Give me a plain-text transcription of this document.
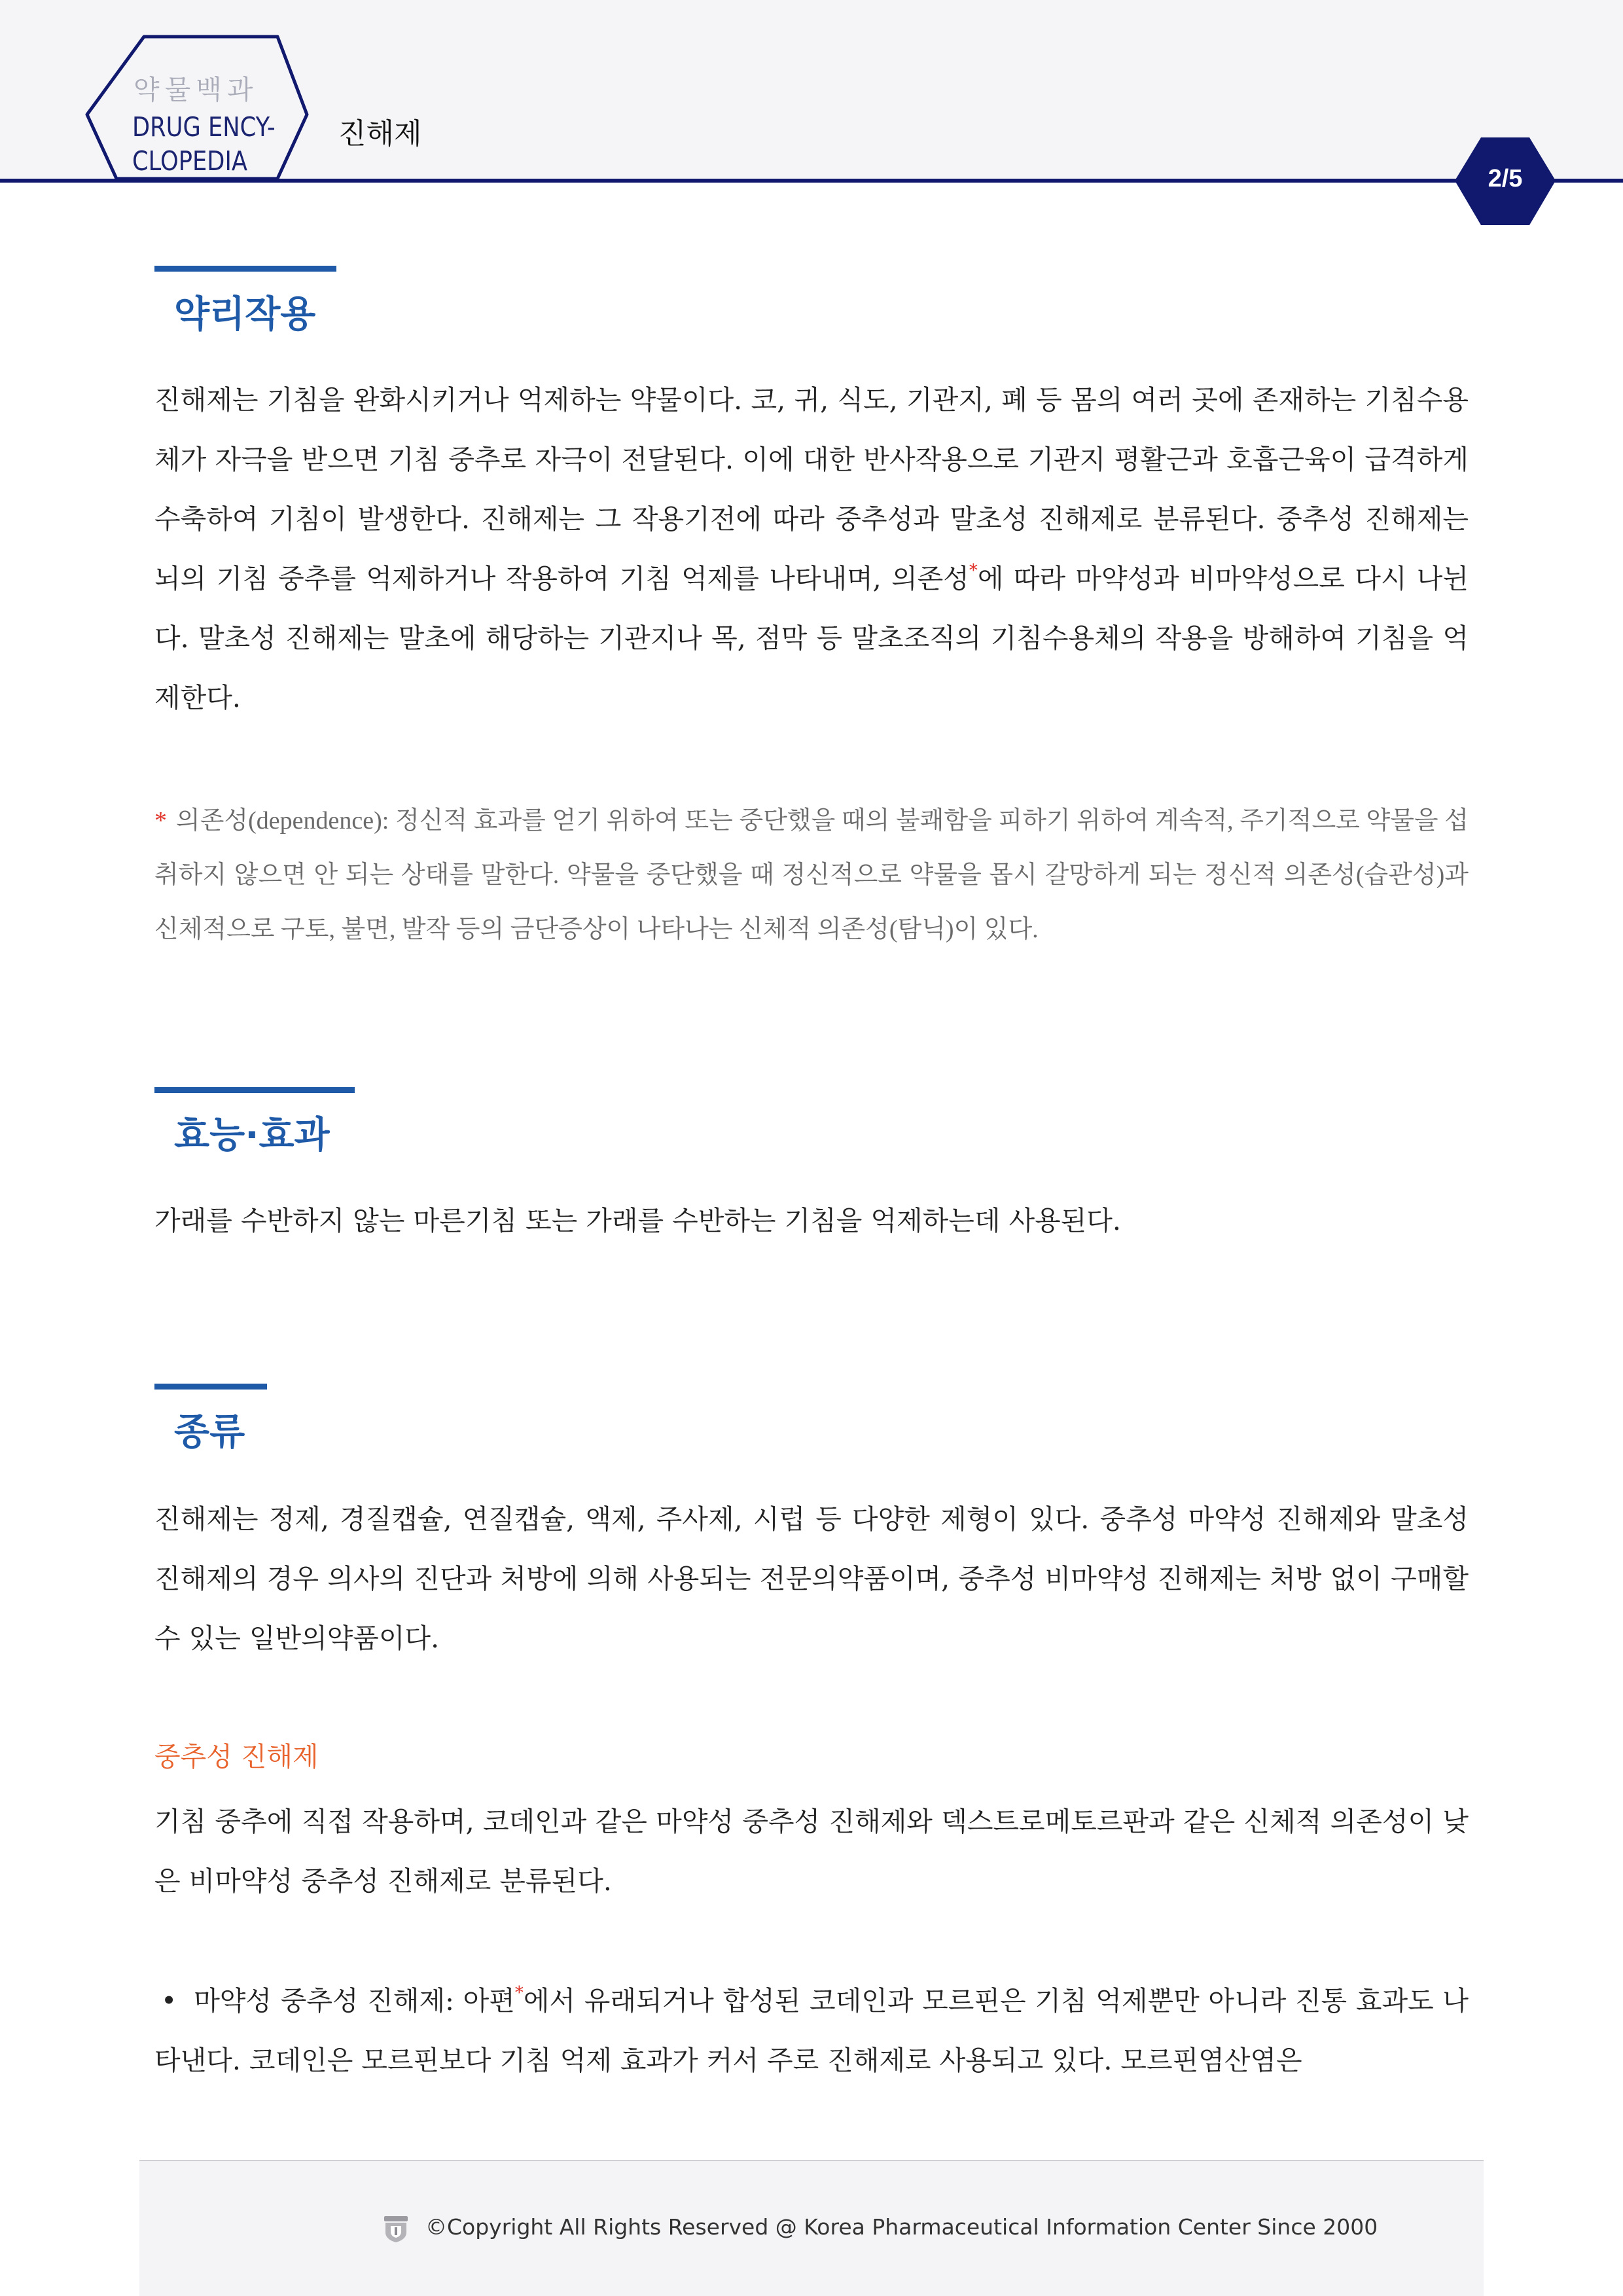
약물백과
DRUG ENCY-
CLOPEDIA
진해제
2/5
약리작용
진해제는 기침을 완화시키거나 억제하는 약물이다. 코, 귀, 식도, 기관지, 폐 등 몸의 여러 곳에 존재하는 기침수용체가 자극을 받으면 기침 중추로 자극이 전달된다. 이에 대한 반사작용으로 기관지 평활근과 호흡근육이 급격하게 수축하여 기침이 발생한다. 진해제는 그 작용기전에 따라 중추성과 말초성 진해제로 분류된다. 중추성 진해제는 뇌의 기침 중추를 억제하거나 작용하여 기침 억제를 나타내며, 의존성*에 따라 마약성과 비마약성으로 다시 나뉜다. 말초성 진해제는 말초에 해당하는 기관지나 목, 점막 등 말초조직의 기침수용체의 작용을 방해하여 기침을 억제한다.
* 의존성(dependence): 정신적 효과를 얻기 위하여 또는 중단했을 때의 불쾌함을 피하기 위하여 계속적, 주기적으로 약물을 섭취하지 않으면 안 되는 상태를 말한다. 약물을 중단했을 때 정신적으로 약물을 몹시 갈망하게 되는 정신적 의존성(습관성)과 신체적으로 구토, 불면, 발작 등의 금단증상이 나타나는 신체적 의존성(탐닉)이 있다.
효능·효과
가래를 수반하지 않는 마른기침 또는 가래를 수반하는 기침을 억제하는데 사용된다.
종류
진해제는 정제, 경질캡슐, 연질캡슐, 액제, 주사제, 시럽 등 다양한 제형이 있다. 중추성 마약성 진해제와 말초성 진해제의 경우 의사의 진단과 처방에 의해 사용되는 전문의약품이며, 중추성 비마약성 진해제는 처방 없이 구매할 수 있는 일반의약품이다.
중추성 진해제
기침 중추에 직접 작용하며, 코데인과 같은 마약성 중추성 진해제와 덱스트로메토르판과 같은 신체적 의존성이 낮은 비마약성 중추성 진해제로 분류된다.
• 마약성 중추성 진해제: 아편*에서 유래되거나 합성된 코데인과 모르핀은 기침 억제뿐만 아니라 진통 효과도 나타낸다. 코데인은 모르핀보다 기침 억제 효과가 커서 주로 진해제로 사용되고 있다. 모르핀염산염은
©Copyright All Rights Reserved @ Korea Pharmaceutical Information Center Since 2000
